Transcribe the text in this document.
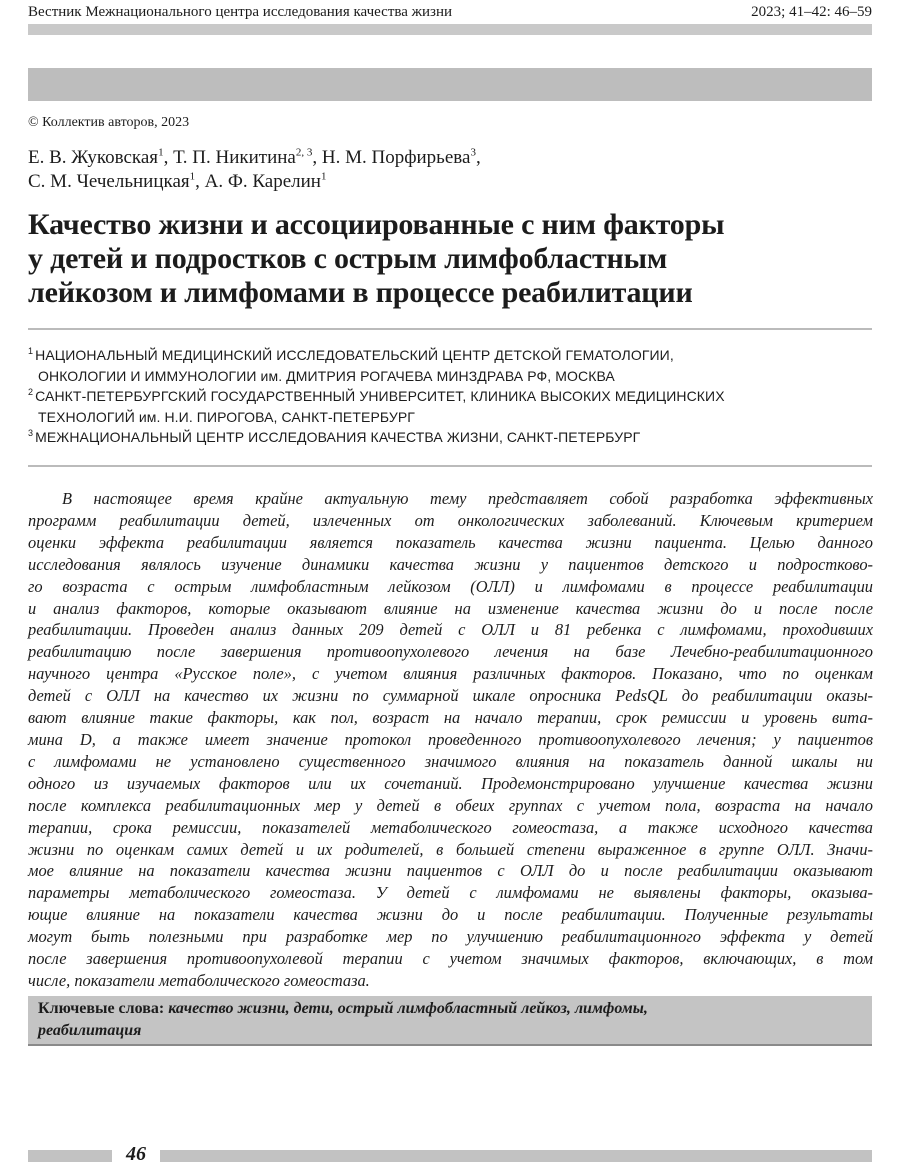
Вестник Межнационального центра исследования качества жизни	2023; 41–42: 46–59
© Коллектив авторов, 2023
Е. В. Жуковская$^1$, Т. П. Никитина$^{2, 3}$, Н. М. Порфирьева$^3$,
С. М. Чечельницкая$^1$, А. Ф. Карелин$^1$
Качество жизни и ассоциированные с ним факторы
у детей и подростков с острым лимфобластным
лейкозом и лимфомами в процессе реабилитации
$^1$ НАЦИОНАЛЬНЫЙ МЕДИЦИНСКИЙ ИССЛЕДОВАТЕЛЬСКИЙ ЦЕНТР ДЕТСКОЙ ГЕМАТОЛОГИИ,
ОНКОЛОГИИ И ИММУНОЛОГИИ им. ДМИТРИЯ РОГАЧЕВА МИНЗДРАВА РФ, МОСКВА
$^2$ САНКТ-ПЕТЕРБУРГСКИЙ ГОСУДАРСТВЕННЫЙ УНИВЕРСИТЕТ, КЛИНИКА ВЫСОКИХ МЕДИЦИНСКИХ
ТЕХНОЛОГИЙ им. Н.И. ПИРОГОВА, САНКТ-ПЕТЕРБУРГ
$^3$ МЕЖНАЦИОНАЛЬНЫЙ ЦЕНТР ИССЛЕДОВАНИЯ КАЧЕСТВА ЖИЗНИ, САНКТ-ПЕТЕРБУРГ
В настоящее время крайне актуальную тему представляет собой разработка эффективных
программ реабилитации детей, излеченных от онкологических заболеваний. Ключевым критерием
оценки эффекта реабилитации является показатель качества жизни пациента. Целью данного
исследования являлось изучение динамики качества жизни у пациентов детского и подростково-
го возраста с острым лимфобластным лейкозом (ОЛЛ) и лимфомами в процессе реабилитации
и анализ факторов, которые оказывают влияние на изменение качества жизни до и после после
реабилитации. Проведен анализ данных 209 детей с ОЛЛ и 81 ребенка с лимфомами, проходивших
реабилитацию после завершения противоопухолевого лечения на базе Лечебно-реабилитационного
научного центра «Русское поле», с учетом влияния различных факторов. Показано, что по оценкам
детей с ОЛЛ на качество их жизни по суммарной шкале опросника PedsQL до реабилитации оказы-
вают влияние такие факторы, как пол, возраст на начало терапии, срок ремиссии и уровень вита-
мина D, а также имеет значение протокол проведенного противоопухолевого лечения; у пациентов
с лимфомами не установлено существенного значимого влияния на показатель данной шкалы ни
одного из изучаемых факторов или их сочетаний. Продемонстрировано улучшение качества жизни
после комплекса реабилитационных мер у детей в обеих группах с учетом пола, возраста на начало
терапии, срока ремиссии, показателей метаболического гомеостаза, а также исходного качества
жизни по оценкам самих детей и их родителей, в большей степени выраженное в группе ОЛЛ. Значи-
мое влияние на показатели качества жизни пациентов с ОЛЛ до и после реабилитации оказывают
параметры метаболического гомеостаза. У детей с лимфомами не выявлены факторы, оказыва-
ющие влияние на показатели качества жизни до и после реабилитации. Полученные результаты
могут быть полезными при разработке мер по улучшению реабилитационного эффекта у детей
после завершения противоопухолевой терапии с учетом значимых факторов, включающих, в том
числе, показатели метаболического гомеостаза.
Ключевые слова: качество жизни, дети, острый лимфобластный лейкоз, лимфомы,
реабилитация
46
